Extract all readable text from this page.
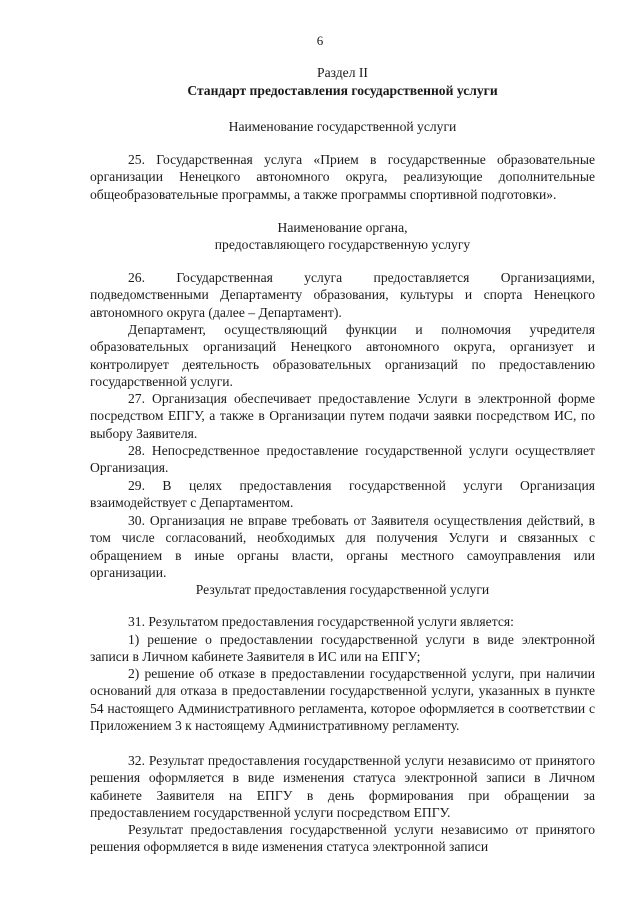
6
Раздел II
Стандарт предоставления государственной услуги
Наименование государственной услуги
25. Государственная услуга «Прием в государственные образовательные организации Ненецкого автономного округа, реализующие дополнительные общеобразовательные программы, а также программы спортивной подготовки».
Наименование органа,
предоставляющего государственную услугу
26. Государственная услуга предоставляется Организациями, подведомственными Департаменту образования, культуры и спорта Ненецкого автономного округа (далее – Департамент).
Департамент, осуществляющий функции и полномочия учредителя образовательных организаций Ненецкого автономного округа, организует и контролирует деятельность образовательных организаций по предоставлению государственной услуги.
27. Организация обеспечивает предоставление Услуги в электронной форме посредством ЕПГУ, а также в Организации путем подачи заявки посредством ИС, по выбору Заявителя.
28. Непосредственное предоставление государственной услуги осуществляет Организация.
29. В целях предоставления государственной услуги Организация взаимодействует с Департаментом.
30. Организация не вправе требовать от Заявителя осуществления действий, в том числе согласований, необходимых для получения Услуги и связанных с обращением в иные органы власти, органы местного самоуправления или организации.
Результат предоставления государственной услуги
31. Результатом предоставления государственной услуги является:
1) решение о предоставлении государственной услуги в виде электронной записи в Личном кабинете Заявителя в ИС или на ЕПГУ;
2) решение об отказе в предоставлении государственной услуги, при наличии оснований для отказа в предоставлении государственной услуги, указанных в пункте 54 настоящего Административного регламента, которое оформляется в соответствии с Приложением 3 к настоящему Административному регламенту.
32. Результат предоставления государственной услуги независимо от принятого решения оформляется в виде изменения статуса электронной записи в Личном кабинете Заявителя на ЕПГУ в день формирования при обращении за предоставлением государственной услуги посредством ЕПГУ.
Результат предоставления государственной услуги независимо от принятого решения оформляется в виде изменения статуса электронной записи
